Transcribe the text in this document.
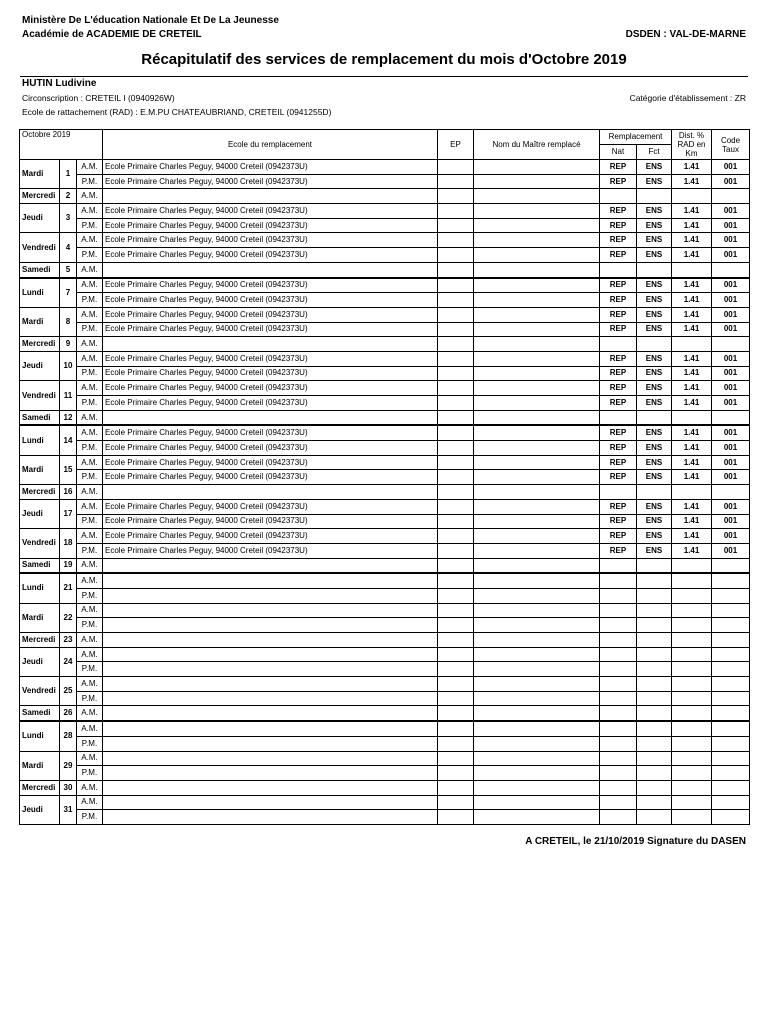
Ministère De L'éducation Nationale Et De La Jeunesse
Académie de ACADEMIE DE CRETEIL	DSDEN : VAL-DE-MARNE
Récapitulatif des services de remplacement du mois d'Octobre 2019
HUTIN Ludivine
Circonscription : CRETEIL I (0940926W)	Catégorie d'établissement : ZR
Ecole de rattachement (RAD) : E.M.PU CHATEAUBRIAND, CRETEIL (0941255D)
Octobre 2019			Ecole du remplacement	EP	Nom du Maître remplacé	Remplacement		Dist. % RAD en Km	Code Taux
						Nat	Fct		
Mardi	1	A.M.	Ecole Primaire Charles Peguy, 94000 Creteil (0942373U)			REP	ENS	1.41	001
		P.M.	Ecole Primaire Charles Peguy, 94000 Creteil (0942373U)			REP	ENS	1.41	001
Mercredi	2	A.M.							
Jeudi	3	A.M.	Ecole Primaire Charles Peguy, 94000 Creteil (0942373U)			REP	ENS	1.41	001
		P.M.	Ecole Primaire Charles Peguy, 94000 Creteil (0942373U)			REP	ENS	1.41	001
Vendredi	4	A.M.	Ecole Primaire Charles Peguy, 94000 Creteil (0942373U)			REP	ENS	1.41	001
		P.M.	Ecole Primaire Charles Peguy, 94000 Creteil (0942373U)			REP	ENS	1.41	001
Samedi	5	A.M.							
Lundi	7	A.M.	Ecole Primaire Charles Peguy, 94000 Creteil (0942373U)			REP	ENS	1.41	001
		P.M.	Ecole Primaire Charles Peguy, 94000 Creteil (0942373U)			REP	ENS	1.41	001
Mardi	8	A.M.	Ecole Primaire Charles Peguy, 94000 Creteil (0942373U)			REP	ENS	1.41	001
		P.M.	Ecole Primaire Charles Peguy, 94000 Creteil (0942373U)			REP	ENS	1.41	001
Mercredi	9	A.M.							
Jeudi	10	A.M.	Ecole Primaire Charles Peguy, 94000 Creteil (0942373U)			REP	ENS	1.41	001
		P.M.	Ecole Primaire Charles Peguy, 94000 Creteil (0942373U)			REP	ENS	1.41	001
Vendredi	11	A.M.	Ecole Primaire Charles Peguy, 94000 Creteil (0942373U)			REP	ENS	1.41	001
		P.M.	Ecole Primaire Charles Peguy, 94000 Creteil (0942373U)			REP	ENS	1.41	001
Samedi	12	A.M.							
Lundi	14	A.M.	Ecole Primaire Charles Peguy, 94000 Creteil (0942373U)			REP	ENS	1.41	001
		P.M.	Ecole Primaire Charles Peguy, 94000 Creteil (0942373U)			REP	ENS	1.41	001
Mardi	15	A.M.	Ecole Primaire Charles Peguy, 94000 Creteil (0942373U)			REP	ENS	1.41	001
		P.M.	Ecole Primaire Charles Peguy, 94000 Creteil (0942373U)			REP	ENS	1.41	001
Mercredi	16	A.M.							
Jeudi	17	A.M.	Ecole Primaire Charles Peguy, 94000 Creteil (0942373U)			REP	ENS	1.41	001
		P.M.	Ecole Primaire Charles Peguy, 94000 Creteil (0942373U)			REP	ENS	1.41	001
Vendredi	18	A.M.	Ecole Primaire Charles Peguy, 94000 Creteil (0942373U)			REP	ENS	1.41	001
		P.M.	Ecole Primaire Charles Peguy, 94000 Creteil (0942373U)			REP	ENS	1.41	001
Samedi	19	A.M.							
Lundi	21	A.M.							
		P.M.							
Mardi	22	A.M.							
		P.M.							
Mercredi	23	A.M.							
Jeudi	24	A.M.							
		P.M.							
Vendredi	25	A.M.							
		P.M.							
Samedi	26	A.M.							
Lundi	28	A.M.							
		P.M.							
Mardi	29	A.M.							
		P.M.							
Mercredi	30	A.M.							
Jeudi	31	A.M.							
		P.M.							
A CRETEIL, le 21/10/2019 Signature du DASEN
